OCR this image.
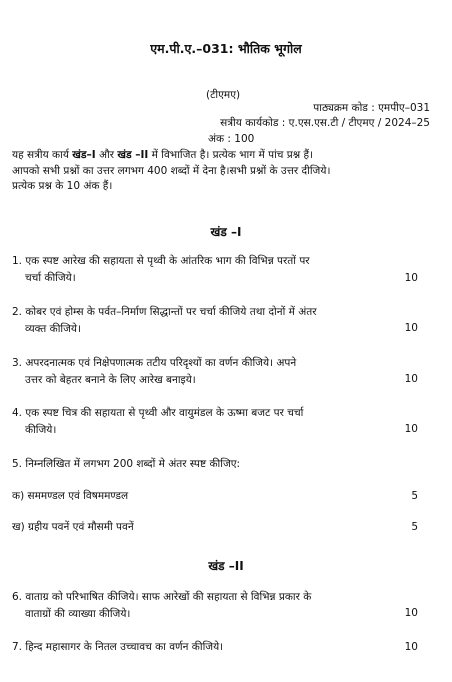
एम.पी.ए.–031: भौतिक भूगोल
(टीएमए)
पाठ्यक्रम कोड : एमपीए–031
सत्रीय कार्यकोड : ए.एस.एस.टी / टीएमए / 2024–25
अंक : 100
यह सत्रीय कार्य खंड–I और खंड –II में विभाजित है। प्रत्येक भाग में पांच प्रश्न हैं।
आपको सभी प्रश्नों का उत्तर लगभग 400 शब्दों में देना है।सभी प्रश्नों के उत्तर दीजिये।
प्रत्येक प्रश्न के 10 अंक हैं।
खंड –I
1. एक स्पष्ट आरेख की सहायता से पृथ्वी के आंतरिक भाग की विभिन्न परतों पर
चर्चा कीजिये।	10
2. कोबर एवं होम्स के पर्वत–निर्माण सिद्धान्तों पर चर्चा कीजिये तथा दोनों में अंतर
व्यक्त कीजिये।	10
3. अपरदनात्मक एवं निक्षेपणात्मक तटीय परिदृश्यों का वर्णन कीजिये। अपने
उत्तर को बेहतर बनाने के लिए आरेख बनाइये।	10
4. एक स्पष्ट चित्र की सहायता से पृथ्वी और वायुमंडल के ऊष्मा बजट पर चर्चा
कीजिये।	10
5. निम्नलिखित में लगभग 200 शब्दों मे अंतर स्पष्ट कीजिए:
क) सममण्डल एवं विषममण्डल	5
ख) ग्रहीय पवनें एवं मौसमी पवनें	5
खंड –II
6. वाताग्र को परिभाषित कीजिये। साफ आरेखों की सहायता से विभिन्न प्रकार के
वाताग्रों की व्याख्या कीजिये।	10
7. हिन्द महासागर के नितल उच्चावच का वर्णन कीजिये।	10
